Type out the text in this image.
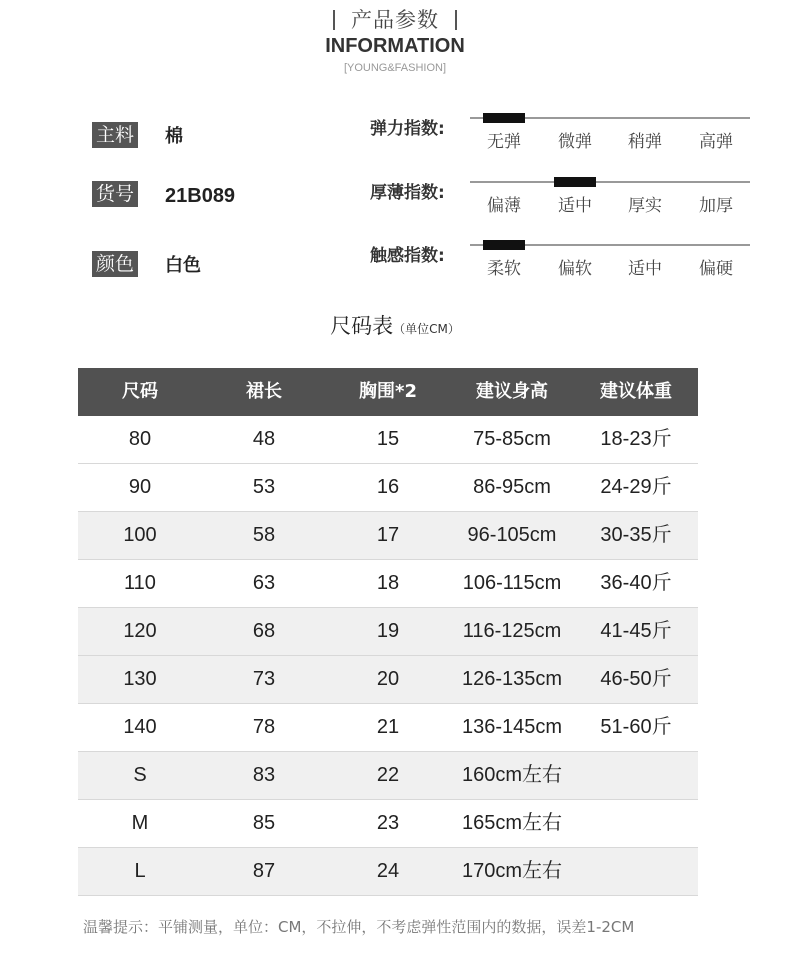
产品参数
INFORMATION
[YOUNG&FASHION]
主料 棉
货号 21B089
颜色 白色
弹力指数:
无弹	微弹	稍弹	高弹
厚薄指数:
偏薄	适中	厚实	加厚
触感指数:
柔软	偏软	适中	偏硬
尺码表（单位CM）
尺码	裙长	胸围*2	建议身高	建议体重
80	48	15	75-85cm	18-23斤
90	53	16	86-95cm	24-29斤
100	58	17	96-105cm	30-35斤
110	63	18	106-115cm	36-40斤
120	68	19	116-125cm	41-45斤
130	73	20	126-135cm	46-50斤
140	78	21	136-145cm	51-60斤
S	83	22	160cm左右
M	85	23	165cm左右
L	87	24	170cm左右
温馨提示：平铺测量，单位：CM，不拉伸，不考虑弹性范围内的数据，误差1-2CM
